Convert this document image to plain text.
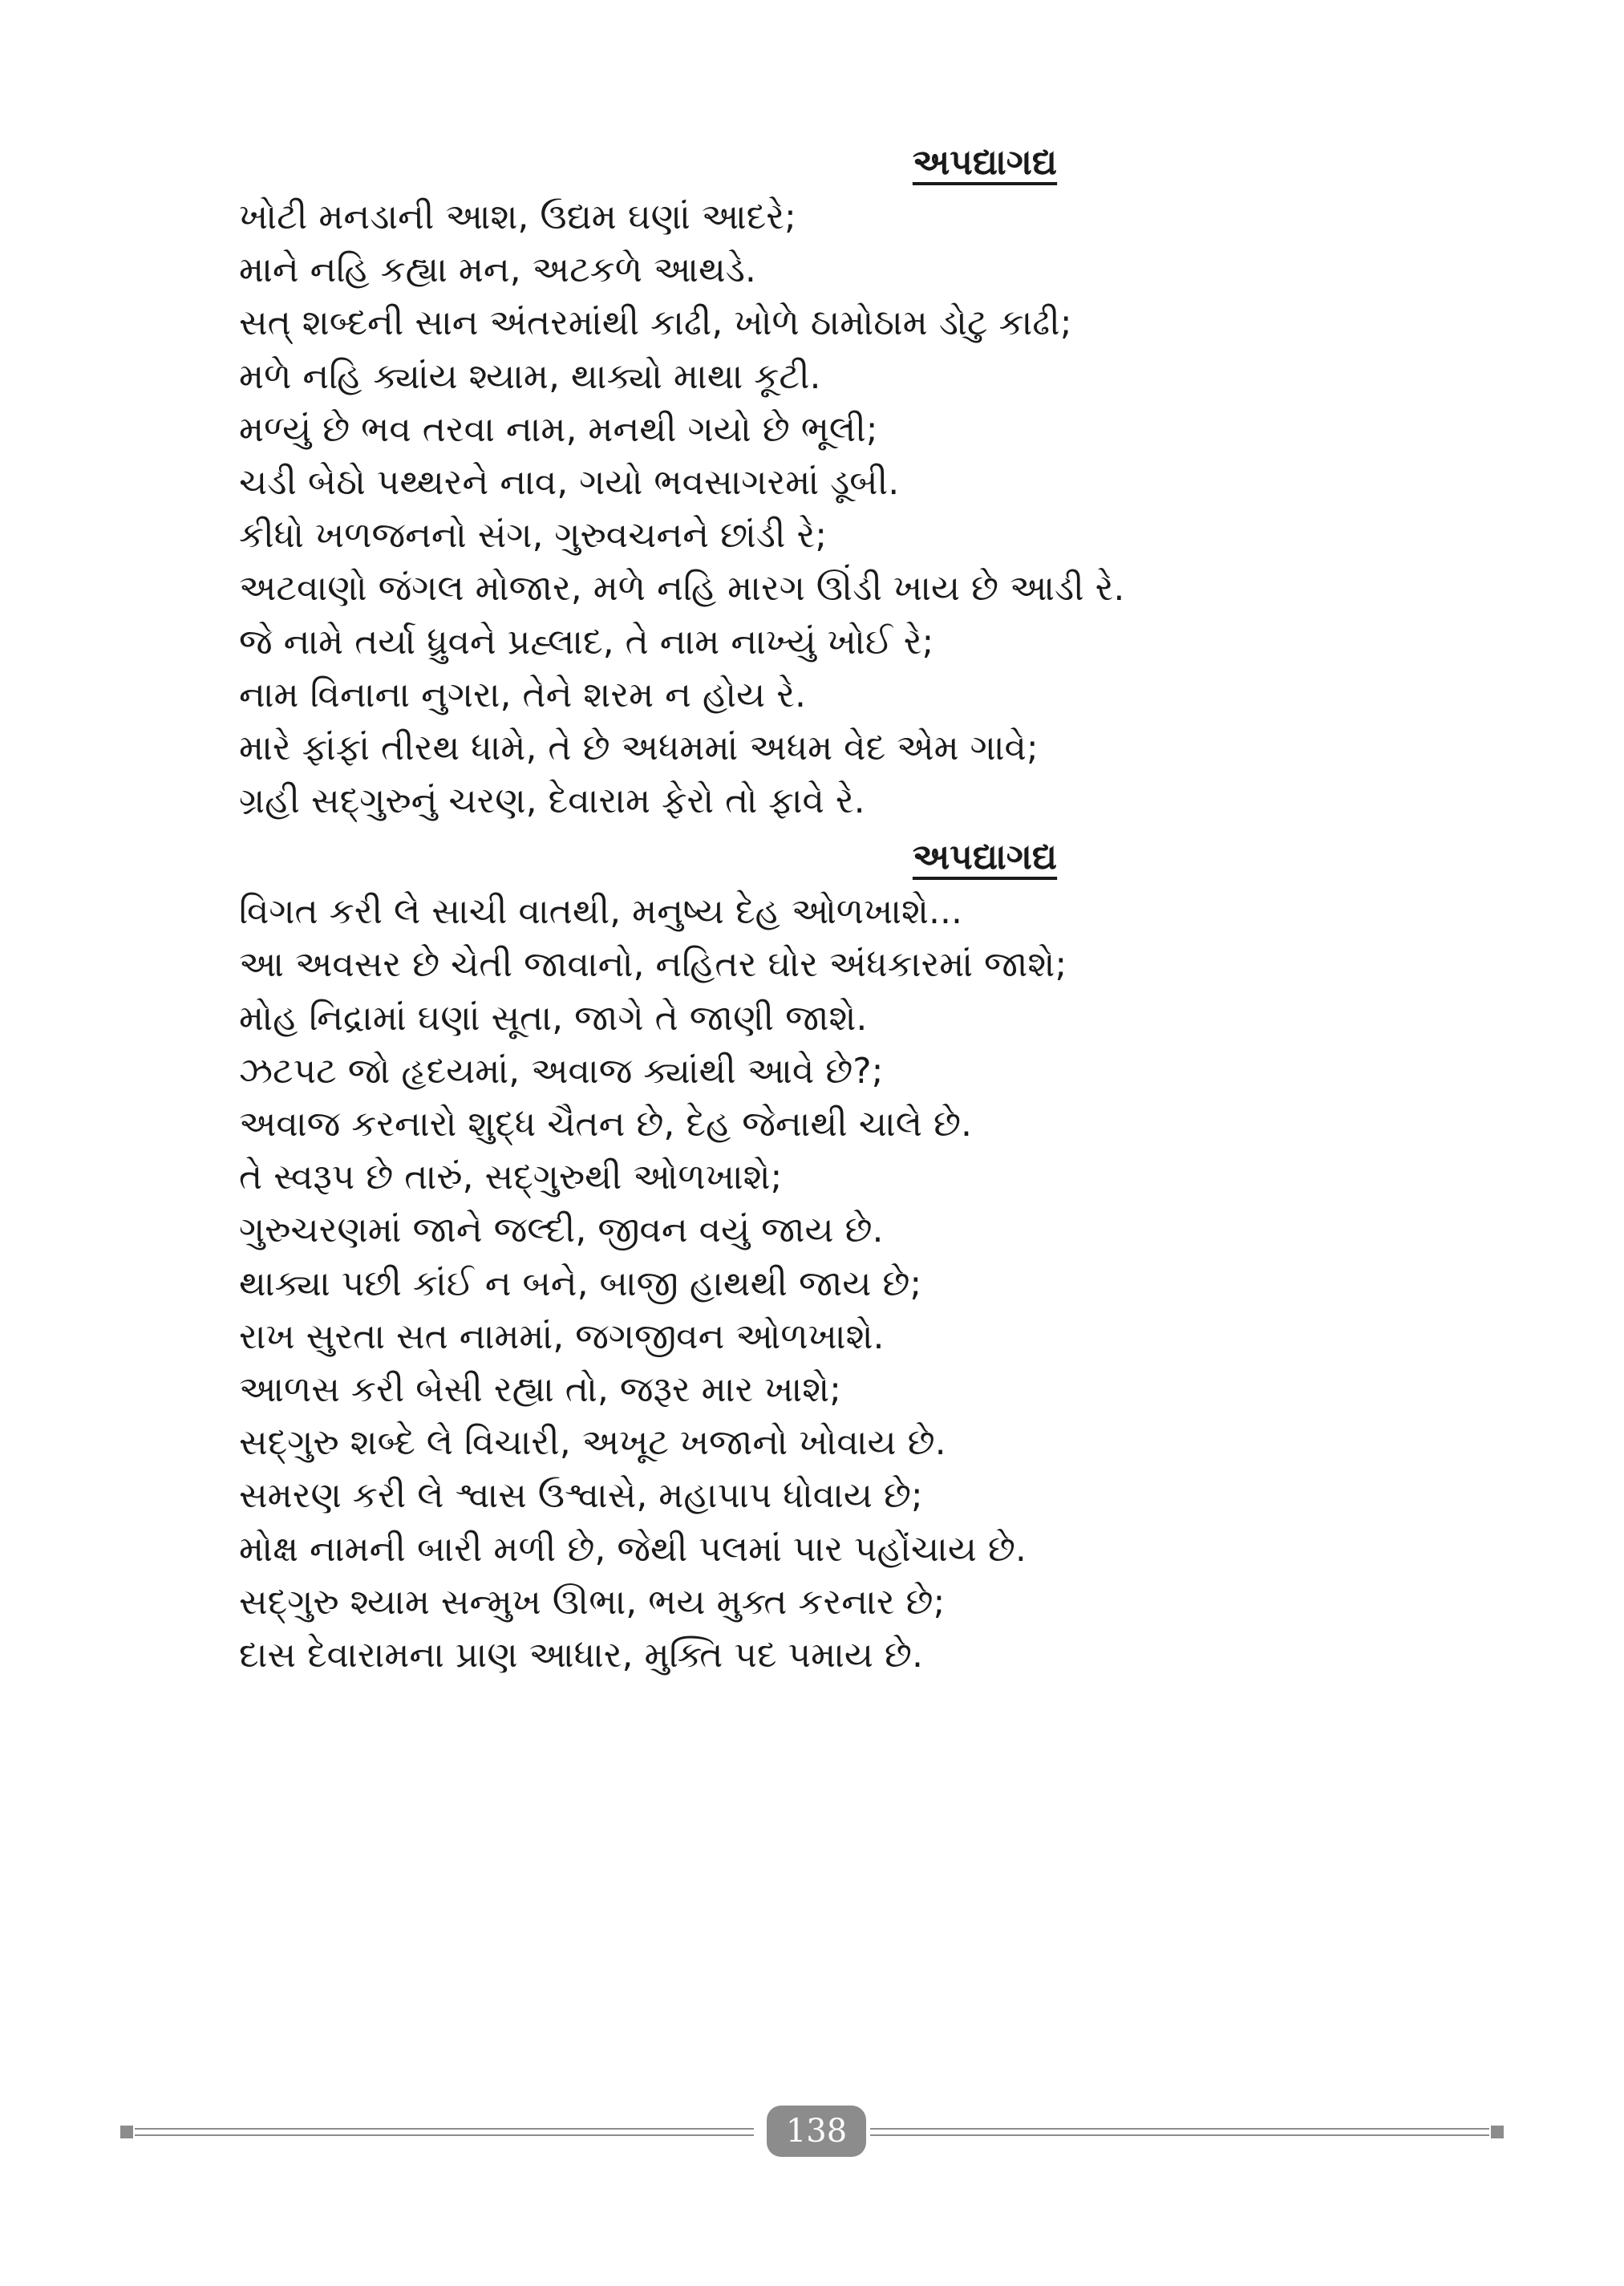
અપદ્યાગદ્ય
ખોટી મનડાની આશ, ઉદ્યમ ઘણાં આદરે;
માને નહિ કહ્યા મન, અટકળે આથડે.
સત્ શબ્દની સાન અંતરમાંથી કાઢી, ખોળે ઠામોઠામ ડોટુ કાઢી;
મળે નહિ ક્યાંય શ્યામ, થાક્યો માથા કૂટી.
મળ્યું છે ભવ તરવા નામ, મનથી ગયો છે ભૂલી;
ચડી બેઠો પથ્થરને નાવ, ગયો ભવસાગરમાં ડૂબી.
કીધો ખળજનનો સંગ, ગુરુવચનને છાંડી રે;
અટવાણો જંગલ મોજાર, મળે નહિ મારગ ઊંડી ખાય છે આડી રે.
જે નામે તર્યા ધ્રુવને પ્રહ્લાદ, તે નામ નાખ્યું ખોઈ રે;
નામ વિનાના નુગરા, તેને શરમ ન હોય રે.
મારે ફાંફાં તીરથ ધામે, તે છે અધમમાં અધમ વેદ એમ ગાવે;
ગ્રહી સદ્‌ગુરુનું ચરણ, દેવારામ ફેરો તો ફાવે રે.
અપદ્યાગદ્ય
વિગત કરી લે સાચી વાતથી, મનુષ્ય દેહ ઓળખાશે...
આ અવસર છે ચેતી જાવાનો, નહિતર ઘોર અંધકારમાં જાશે;
મોહ નિદ્રામાં ઘણાં સૂતા, જાગે તે જાણી જાશે.
ઝટપટ જો હૃદયમાં, અવાજ ક્યાંથી આવે છે?;
અવાજ કરનારો શુદ્ધ ચૈતન છે, દેહ જેનાથી ચાલે છે.
તે સ્વરૂપ છે તારું, સદ્‌ગુરુથી ઓળખાશે;
ગુરુચરણમાં જાને જલ્દી, જીવન વયું જાય છે.
થાક્યા પછી કાંઈ ન બને, બાજી હાથથી જાય છે;
રાખ સુરતા સત નામમાં, જગજીવન ઓળખાશે.
આળસ કરી બેસી રહ્યા તો, જરૂર માર ખાશે;
સદ્‌ગુરુ શબ્દે લે વિચારી, અખૂટ ખજાનો ખોવાય છે.
સમરણ કરી લે શ્વાસ ઉશ્વાસે, મહાપાપ ધોવાય છે;
મોક્ષ નામની બારી મળી છે, જેથી પલમાં પાર પહોંચાય છે.
સદ્‌ગુરુ શ્યામ સન્મુખ ઊભા, ભય મુક્ત કરનાર છે;
દાસ દેવારામના પ્રાણ આધાર, મુક્તિ પદ પમાય છે.
138
